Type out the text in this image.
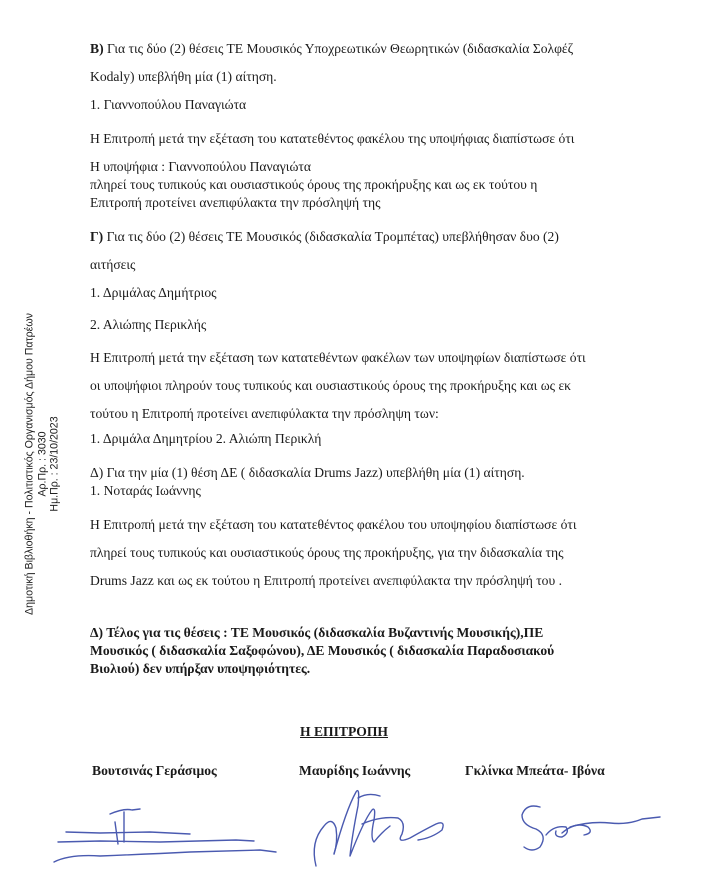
Δημοτική Βιβλιοθήκη - Πολιτιστικός Οργανισμός Δήμου Πατρέων Αρ.Πρ. : 3030 Ημ.Πρ. : 23/10/2023
Β) Για τις δύο (2) θέσεις ΤΕ Μουσικός Υποχρεωτικών Θεωρητικών (διδασκαλία Σολφέζ
Kodaly) υπεβλήθη μία (1) αίτηση.
1. Γιαννοπούλου Παναγιώτα
Η Επιτροπή μετά την εξέταση του κατατεθέντος φακέλου της υποψήφιας διαπίστωσε ότι
Η υποψήφια : Γιαννοπούλου Παναγιώτα
πληρεί τους τυπικούς και ουσιαστικούς όρους της προκήρυξης και ως εκ τούτου η
Επιτροπή προτείνει ανεπιφύλακτα την πρόσληψή της
Γ) Για τις δύο (2) θέσεις ΤΕ Μουσικός (διδασκαλία Τρομπέτας) υπεβλήθησαν δυο (2)
αιτήσεις
1. Δριμάλας Δημήτριος
2. Αλιώπης Περικλής
Η Επιτροπή μετά την εξέταση των κατατεθέντων φακέλων των υποψηφίων διαπίστωσε ότι
οι υποψήφιοι πληρούν τους τυπικούς και ουσιαστικούς όρους της προκήρυξης και ως εκ
τούτου η Επιτροπή προτείνει ανεπιφύλακτα την πρόσληψη των:
1. Δριμάλα Δημητρίου 2. Αλιώπη Περικλή
Δ) Για την μία (1) θέση ΔΕ ( διδασκαλία Drums Jazz) υπεβλήθη μία (1) αίτηση.
1. Νοταράς Ιωάννης
Η Επιτροπή μετά την εξέταση του κατατεθέντος φακέλου του υποψηφίου διαπίστωσε ότι
πληρεί τους τυπικούς και ουσιαστικούς όρους της προκήρυξης, για την διδασκαλία της
Drums Jazz και ως εκ τούτου η Επιτροπή προτείνει ανεπιφύλακτα την πρόσληψή του .
Δ) Τέλος για τις θέσεις : ΤΕ Μουσικός (διδασκαλία Βυζαντινής Μουσικής),ΠΕ
Μουσικός ( διδασκαλία Σαξοφώνου), ΔΕ Μουσικός ( διδασκαλία Παραδοσιακού
Βιολιού) δεν υπήρξαν υποψηφιότητες.
Η ΕΠΙΤΡΟΠΗ
Βουτσινάς Γεράσιμος	Μαυρίδης Ιωάννης	Γκλίνκα Μπεάτα- Ιβόνα
